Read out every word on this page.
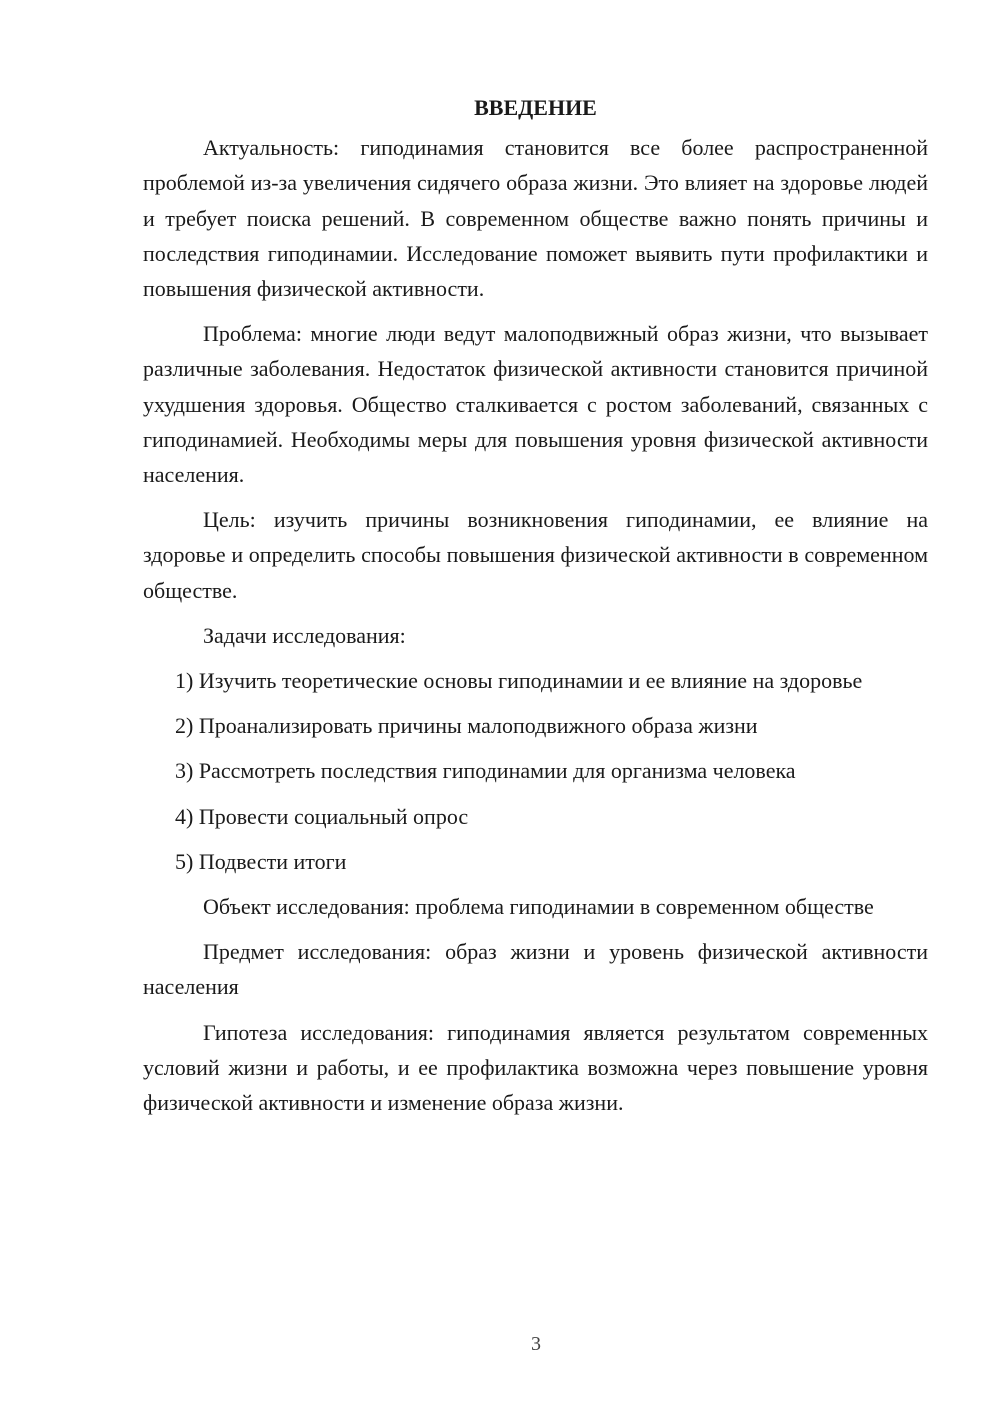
ВВЕДЕНИЕ

Актуальность: гиподинамия становится все более распространенной проблемой из-за увеличения сидячего образа жизни. Это влияет на здоровье людей и требует поиска решений. В современном обществе важно понять причины и последствия гиподинамии. Исследование поможет выявить пути профилактики и повышения физической активности.

Проблема: многие люди ведут малоподвижный образ жизни, что вызывает различные заболевания. Недостаток физической активности становится причиной ухудшения здоровья. Общество сталкивается с ростом заболеваний, связанных с гиподинамией. Необходимы меры для повышения уровня физической активности населения.

Цель: изучить причины возникновения гиподинамии, ее влияние на здоровье и определить способы повышения физической активности в современном обществе.

Задачи исследования:

1) Изучить теоретические основы гиподинамии и ее влияние на здоровье

2) Проанализировать причины малоподвижного образа жизни

3) Рассмотреть последствия гиподинамии для организма человека

4) Провести социальный опрос

5) Подвести итоги

Объект исследования: проблема гиподинамии в современном обществе

Предмет исследования: образ жизни и уровень физической активности населения

Гипотеза исследования: гиподинамия является результатом современных условий жизни и работы, и ее профилактика возможна через повышение уровня физической активности и изменение образа жизни.

3
